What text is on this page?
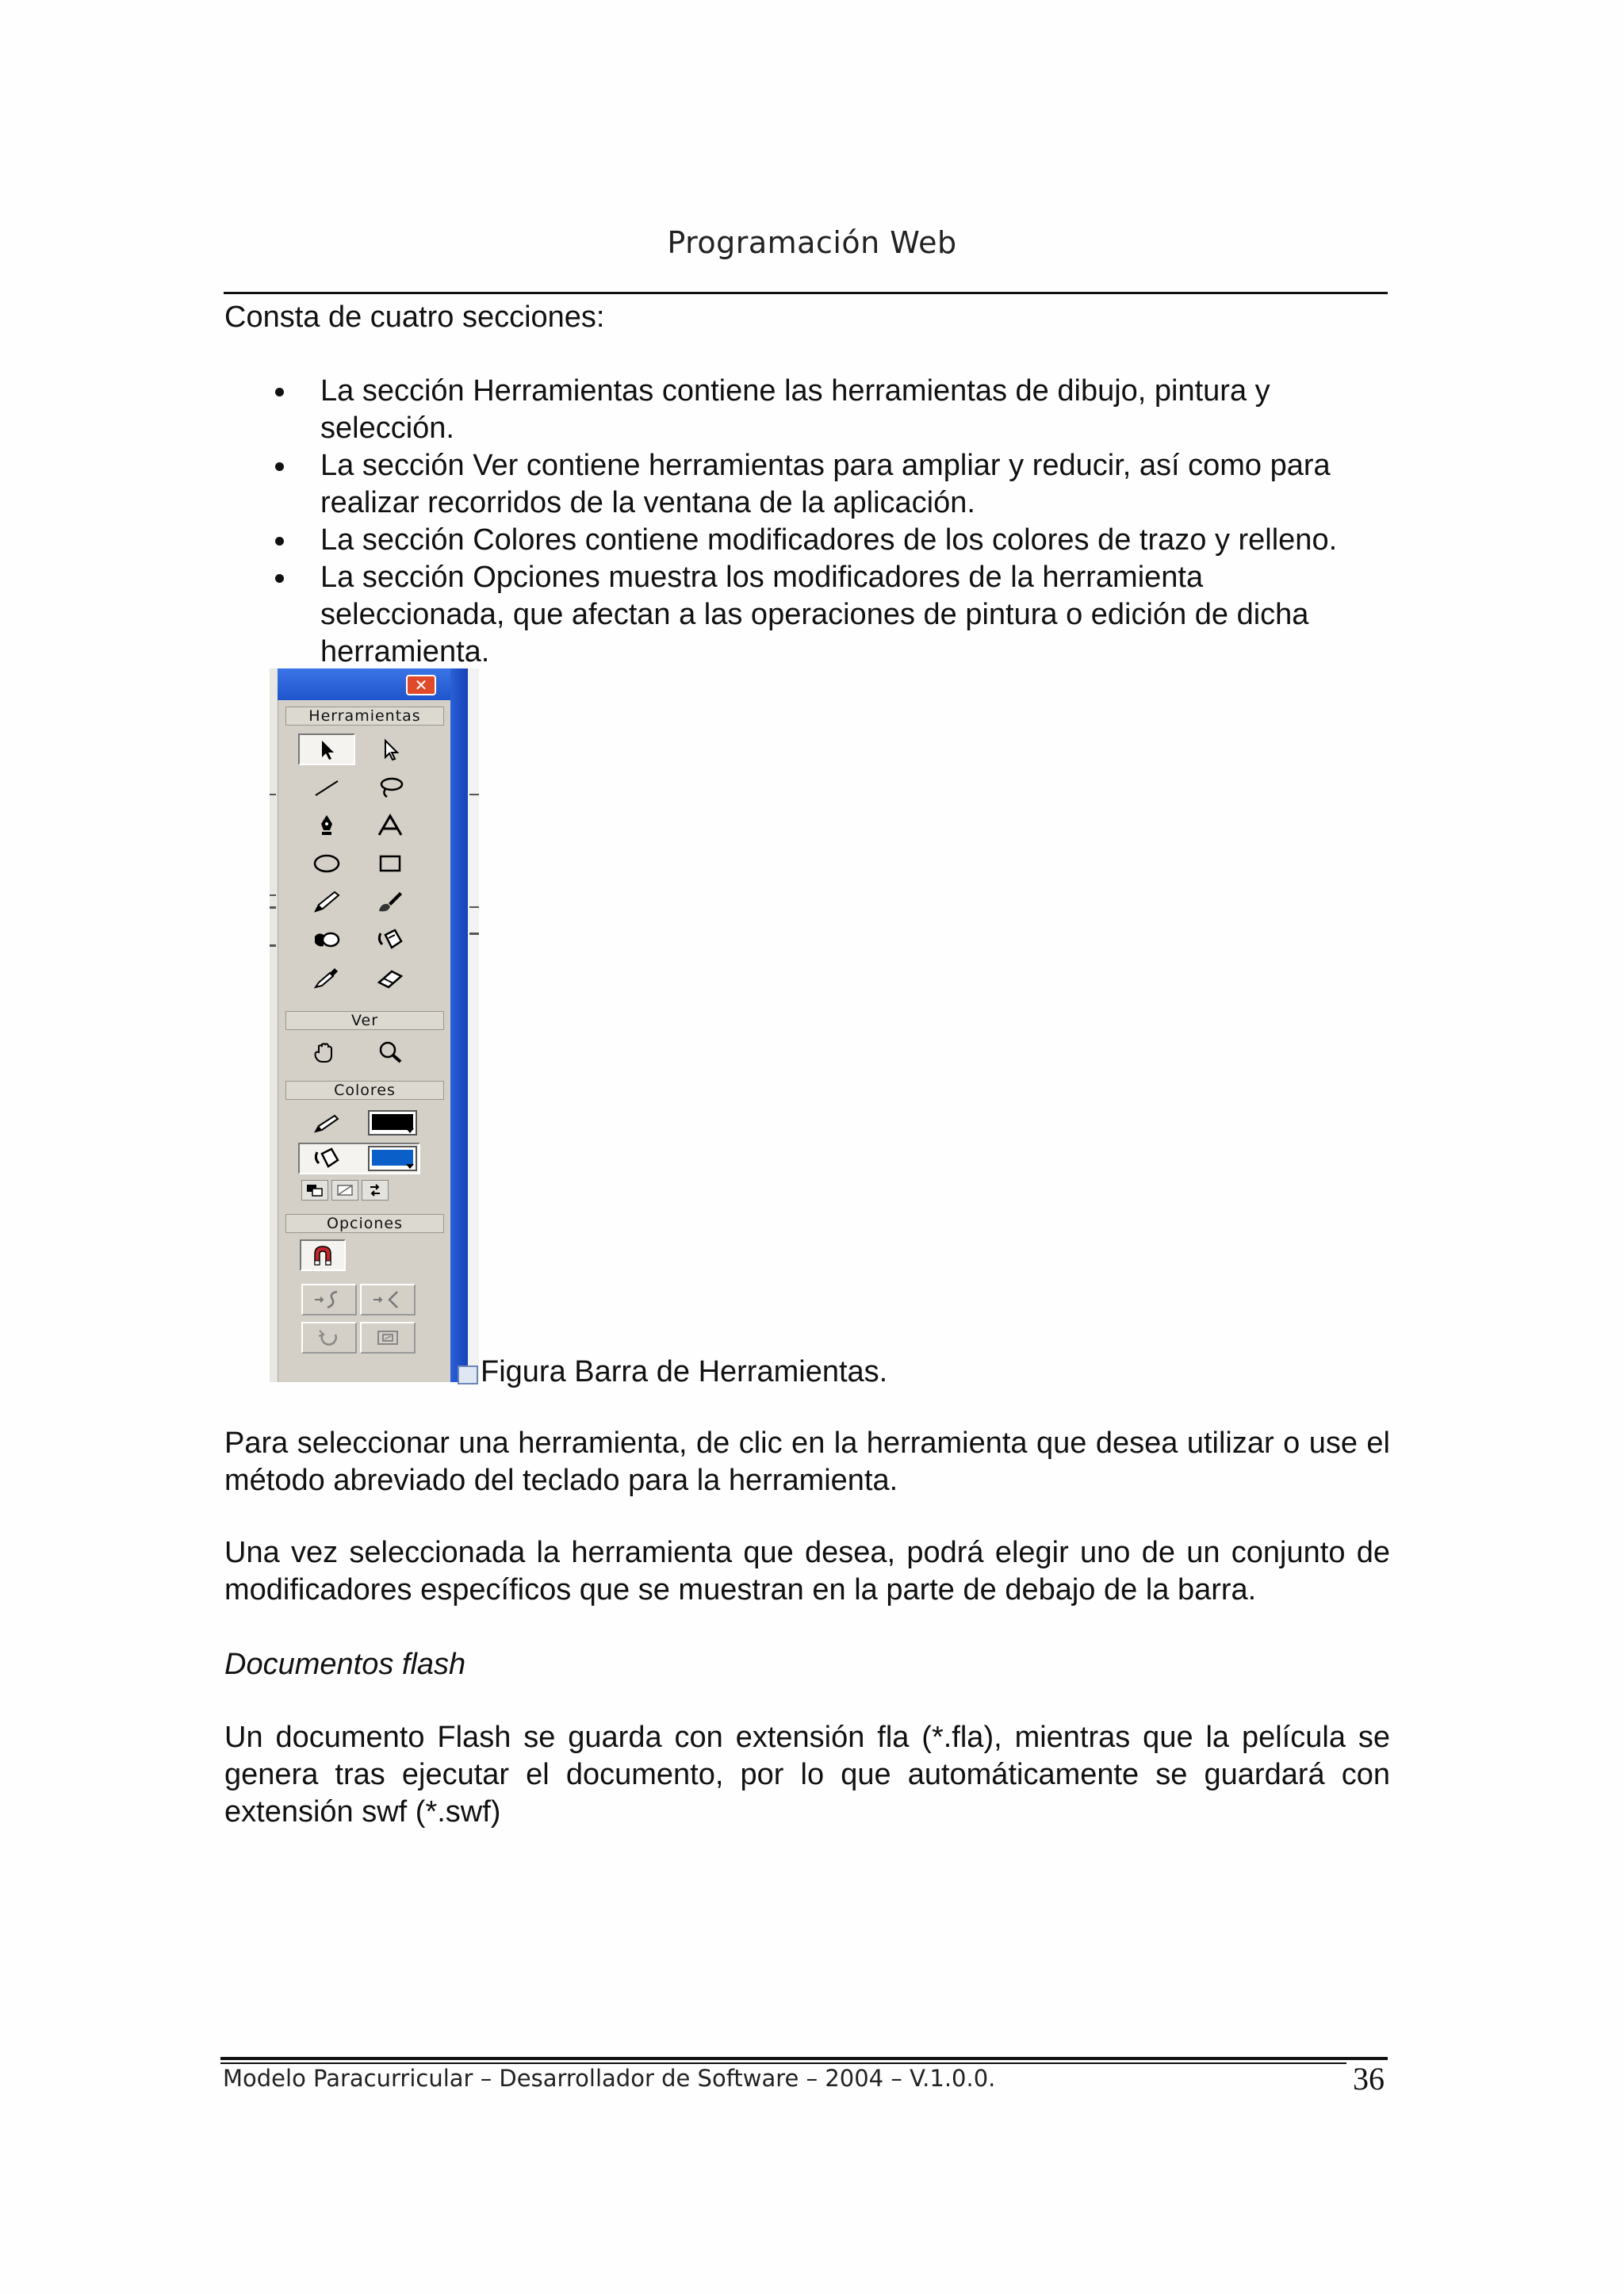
Programación Web
Consta de cuatro secciones:
La sección Herramientas contiene las herramientas de dibujo, pintura y selección.
La sección Ver contiene herramientas para ampliar y reducir, así como para realizar recorridos de la ventana de la aplicación.
La sección Colores contiene modificadores de los colores de trazo y relleno.
La sección Opciones muestra los modificadores de la herramienta seleccionada, que afectan a las operaciones de pintura o edición de dicha herramienta.
✕
Herramientas
Ver
Colores
Opciones
Figura Barra de Herramientas.
Para seleccionar una herramienta, de clic en la herramienta que desea utilizar o use el método abreviado del teclado para la herramienta.
Una vez seleccionada la herramienta que desea, podrá elegir uno de un conjunto de modificadores específicos que se muestran en la parte de debajo de la barra.
Documentos flash
Un documento Flash se guarda con extensión fla (*.fla), mientras que la película se genera tras ejecutar el documento, por lo que automáticamente se guardará con extensión swf (*.swf)
Modelo Paracurricular – Desarrollador de Software – 2004 – V.1.0.0.	36
